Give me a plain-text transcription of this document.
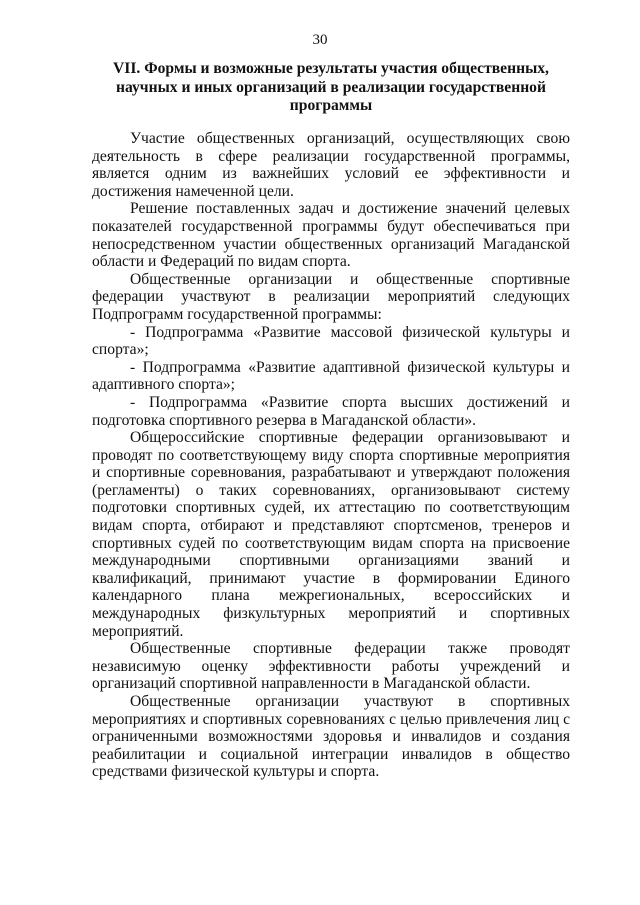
30
VII. Формы и возможные результаты участия общественных, научных и иных организаций в реализации государственной программы

Участие общественных организаций, осуществляющих свою деятельность в сфере реализации государственной программы, является одним из важнейших условий ее эффективности и достижения намеченной цели.

Решение поставленных задач и достижение значений целевых показателей государственной программы будут обеспечиваться при непосредственном участии общественных организаций Магаданской области и Федераций по видам спорта.

Общественные организации и общественные спортивные федерации участвуют в реализации мероприятий следующих Подпрограмм государственной программы:

- Подпрограмма «Развитие массовой физической культуры и спорта»;

- Подпрограмма «Развитие адаптивной физической культуры и адаптивного спорта»;

- Подпрограмма «Развитие спорта высших достижений и подготовка спортивного резерва в Магаданской области».

Общероссийские спортивные федерации организовывают и проводят по соответствующему виду спорта спортивные мероприятия и спортивные соревнования, разрабатывают и утверждают положения (регламенты) о таких соревнованиях, организовывают систему подготовки спортивных судей, их аттестацию по соответствующим видам спорта, отбирают и представляют спортсменов, тренеров и спортивных судей по соответствующим видам спорта на присвоение международными спортивными организациями званий и квалификаций, принимают участие в формировании Единого календарного плана межрегиональных, всероссийских и международных физкультурных мероприятий и спортивных мероприятий.

Общественные спортивные федерации также проводят независимую оценку эффективности работы учреждений и организаций спортивной направленности в Магаданской области.

Общественные организации участвуют в спортивных мероприятиях и спортивных соревнованиях с целью привлечения лиц с ограниченными возможностями здоровья и инвалидов и создания реабилитации и социальной интеграции инвалидов в общество средствами физической культуры и спорта.
